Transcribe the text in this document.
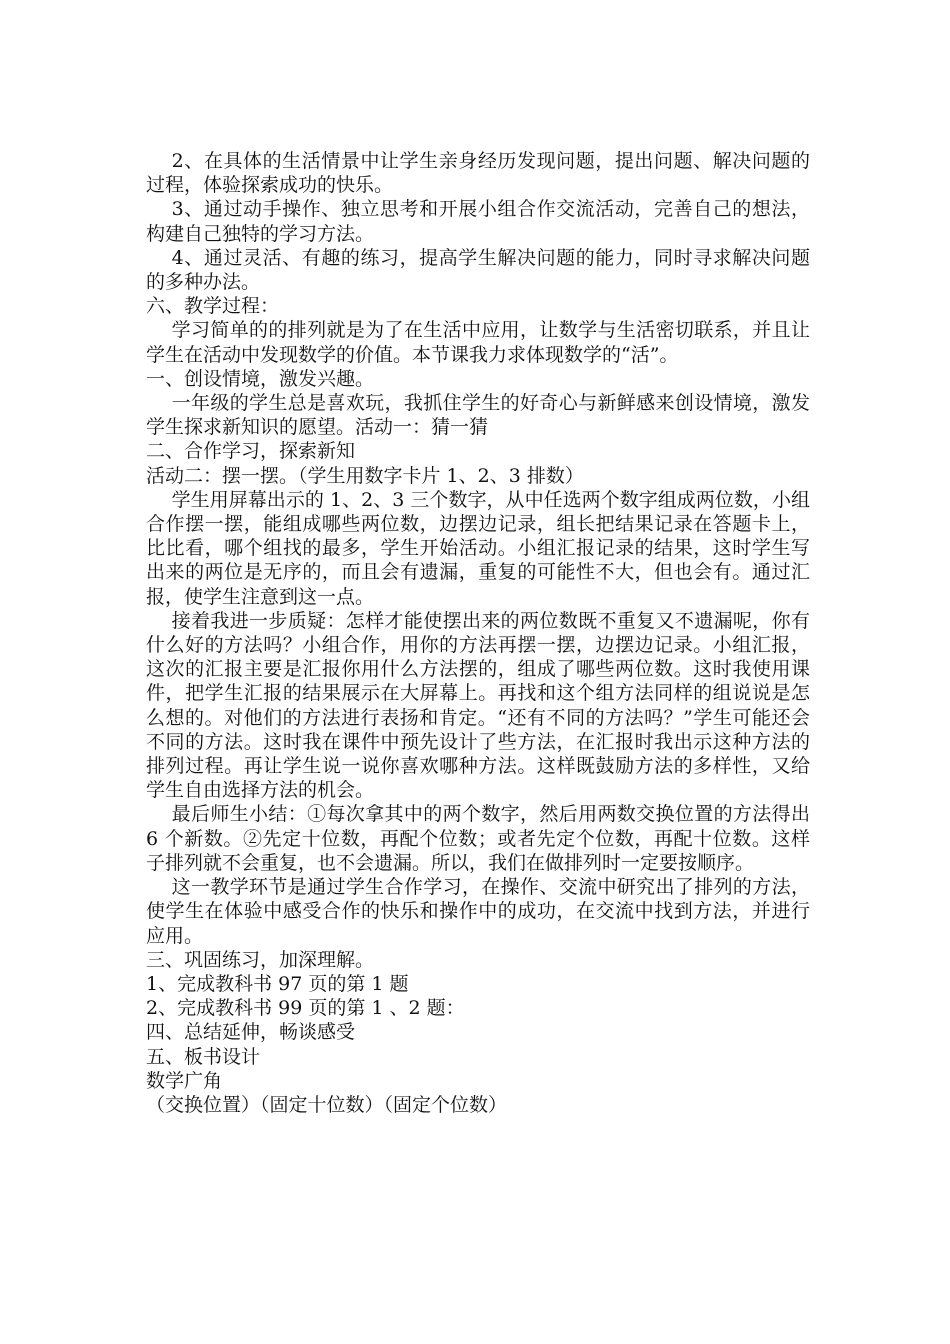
2、在具体的生活情景中让学生亲身经历发现问题，提出问题、解决问题的过程，体验探索成功的快乐。

3、通过动手操作、独立思考和开展小组合作交流活动，完善自己的想法，构建自己独特的学习方法。

4、通过灵活、有趣的练习，提高学生解决问题的能力，同时寻求解决问题的多种办法。

六、教学过程：

学习简单的的排列就是为了在生活中应用，让数学与生活密切联系，并且让学生在活动中发现数学的价值。本节课我力求体现数学的“活”。

一、创设情境，激发兴趣。

一年级的学生总是喜欢玩，我抓住学生的好奇心与新鲜感来创设情境，激发学生探求新知识的愿望。活动一：猜一猜

二、合作学习，探索新知

活动二：摆一摆。（学生用数字卡片 1、2、3 排数）

学生用屏幕出示的 1、2、3 三个数字，从中任选两个数字组成两位数，小组合作摆一摆，能组成哪些两位数，边摆边记录，组长把结果记录在答题卡上，比比看，哪个组找的最多，学生开始活动。小组汇报记录的结果，这时学生写出来的两位是无序的，而且会有遗漏，重复的可能性不大，但也会有。通过汇报，使学生注意到这一点。

接着我进一步质疑：怎样才能使摆出来的两位数既不重复又不遗漏呢，你有什么好的方法吗？小组合作，用你的方法再摆一摆，边摆边记录。小组汇报，这次的汇报主要是汇报你用什么方法摆的，组成了哪些两位数。这时我使用课件，把学生汇报的结果展示在大屏幕上。再找和这个组方法同样的组说说是怎么想的。对他们的方法进行表扬和肯定。“还有不同的方法吗？”学生可能还会不同的方法。这时我在课件中预先设计了些方法，在汇报时我出示这种方法的排列过程。再让学生说一说你喜欢哪种方法。这样既鼓励方法的多样性，又给学生自由选择方法的机会。

最后师生小结：①每次拿其中的两个数字，然后用两数交换位置的方法得出 6 个新数。②先定十位数，再配个位数；或者先定个位数，再配十位数。这样子排列就不会重复，也不会遗漏。所以，我们在做排列时一定要按顺序。

这一教学环节是通过学生合作学习，在操作、交流中研究出了排列的方法，使学生在体验中感受合作的快乐和操作中的成功，在交流中找到方法，并进行应用。

三、巩固练习，加深理解。

1、完成教科书 97 页的第 1 题

2、完成教科书 99 页的第 1 、2 题：

四、总结延伸，畅谈感受

五、板书设计

数学广角

（交换位置）（固定十位数）（固定个位数）
